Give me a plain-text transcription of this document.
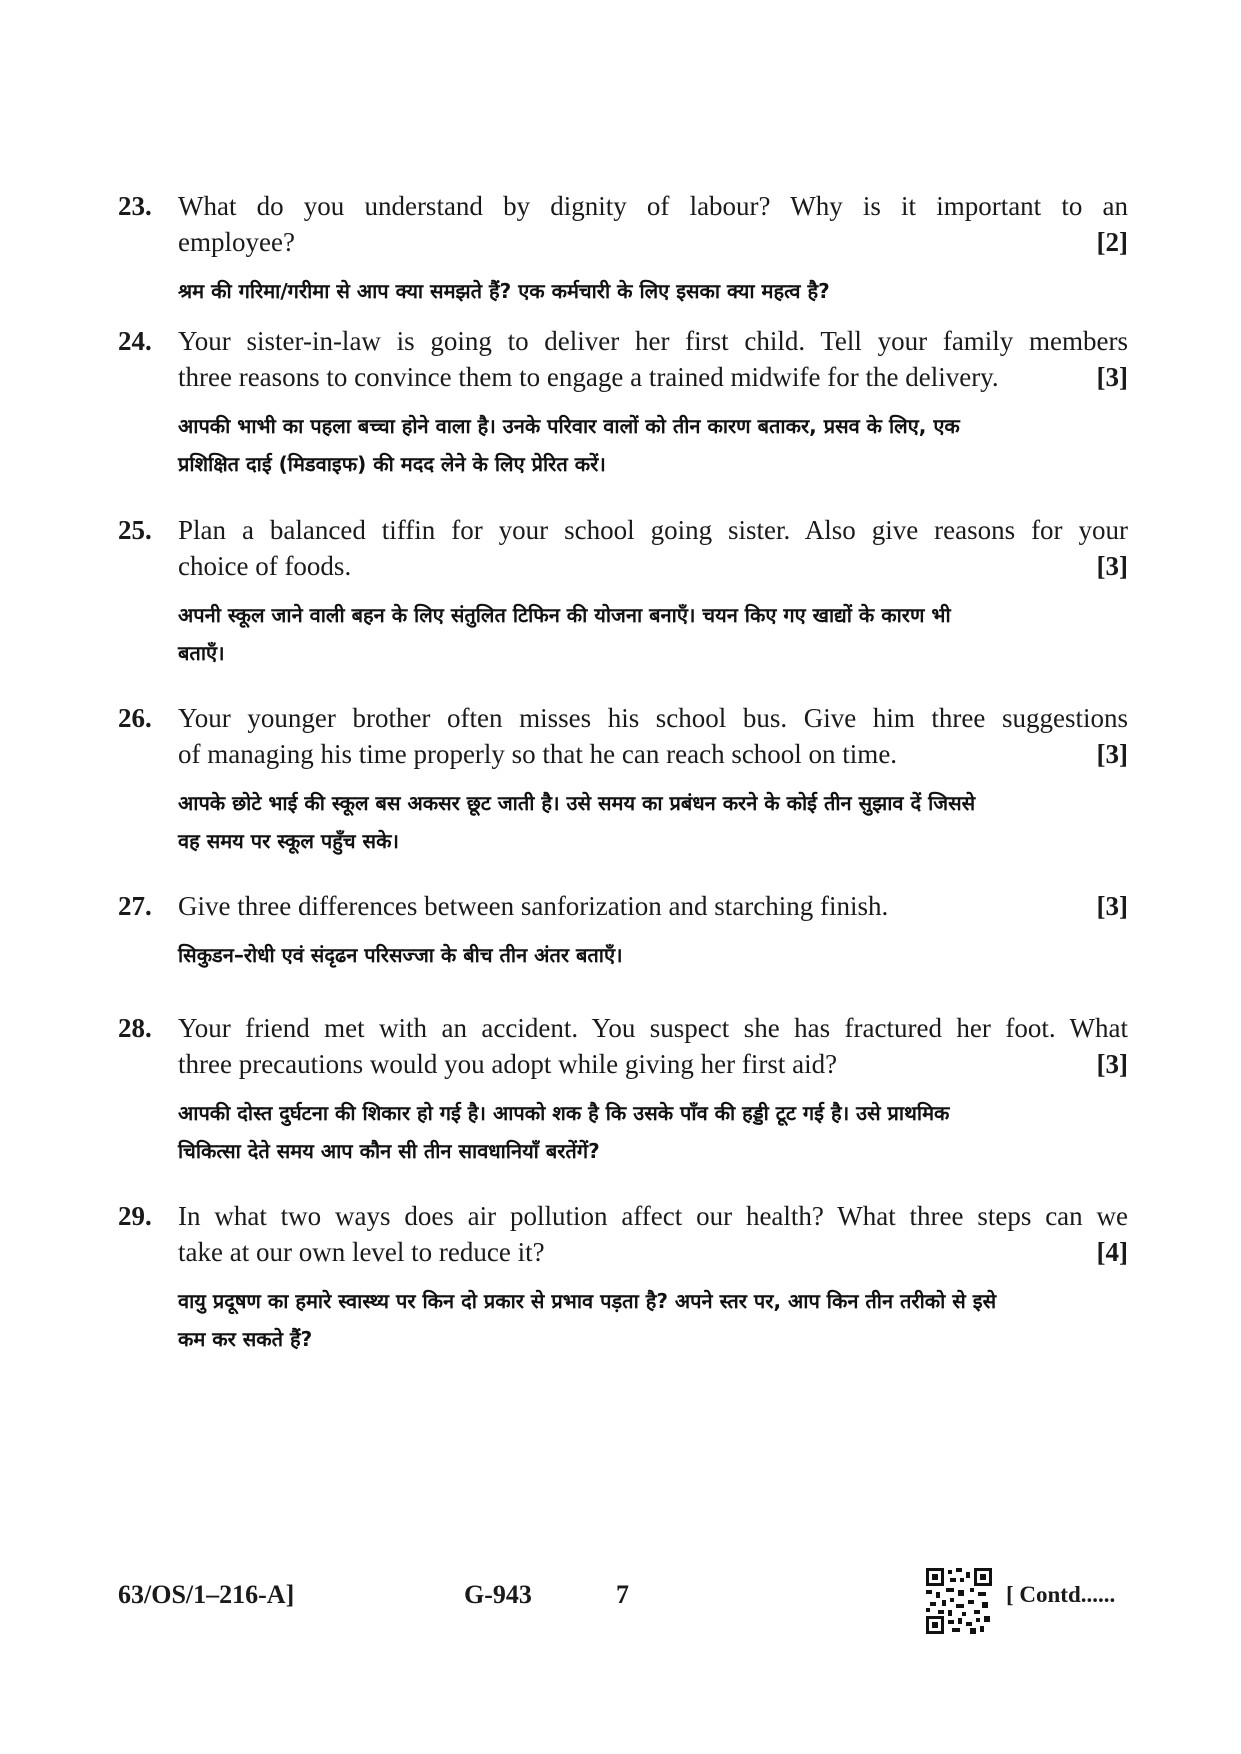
23. What do you understand by dignity of labour? Why is it important to an
employee?	[2]
श्रम की गरिमा/गरीमा से आप क्या समझते हैं? एक कर्मचारी के लिए इसका क्या महत्व है?
24. Your sister-in-law is going to deliver her first child. Tell your family members
three reasons to convince them to engage a trained midwife for the delivery.	[3]
आपकी भाभी का पहला बच्चा होने वाला है। उनके परिवार वालों को तीन कारण बताकर, प्रसव के लिए, एक
प्रशिक्षित दाई (मिडवाइफ) की मदद लेने के लिए प्रेरित करें।
25. Plan a balanced tiffin for your school going sister. Also give reasons for your
choice of foods.	[3]
अपनी स्कूल जाने वाली बहन के लिए संतुलित टिफिन की योजना बनाएँ। चयन किए गए खाद्यों के कारण भी
बताएँ।
26. Your younger brother often misses his school bus. Give him three suggestions
of managing his time properly so that he can reach school on time.	[3]
आपके छोटे भाई की स्कूल बस अकसर छूट जाती है। उसे समय का प्रबंधन करने के कोई तीन सुझाव दें जिससे
वह समय पर स्कूल पहुँच सके।
27. Give three differences between sanforization and starching finish.	[3]
सिकुडन–रोधी एवं संदृढन परिसज्जा के बीच तीन अंतर बताएँ।
28. Your friend met with an accident. You suspect she has fractured her foot. What
three precautions would you adopt while giving her first aid?	[3]
आपकी दोस्त दुर्घटना की शिकार हो गई है। आपको शक है कि उसके पाँव की हड्डी टूट गई है। उसे प्राथमिक
चिकित्सा देते समय आप कौन सी तीन सावधानियाँ बरतेंगें?
29. In what two ways does air pollution affect our health? What three steps can we
take at our own level to reduce it?	[4]
वायु प्रदूषण का हमारे स्वास्थ्य पर किन दो प्रकार से प्रभाव पड़ता है? अपने स्तर पर, आप किन तीन तरीको से इसे
कम कर सकते हैं?
63/OS/1–216-A]	G-943	7	[ Contd......
